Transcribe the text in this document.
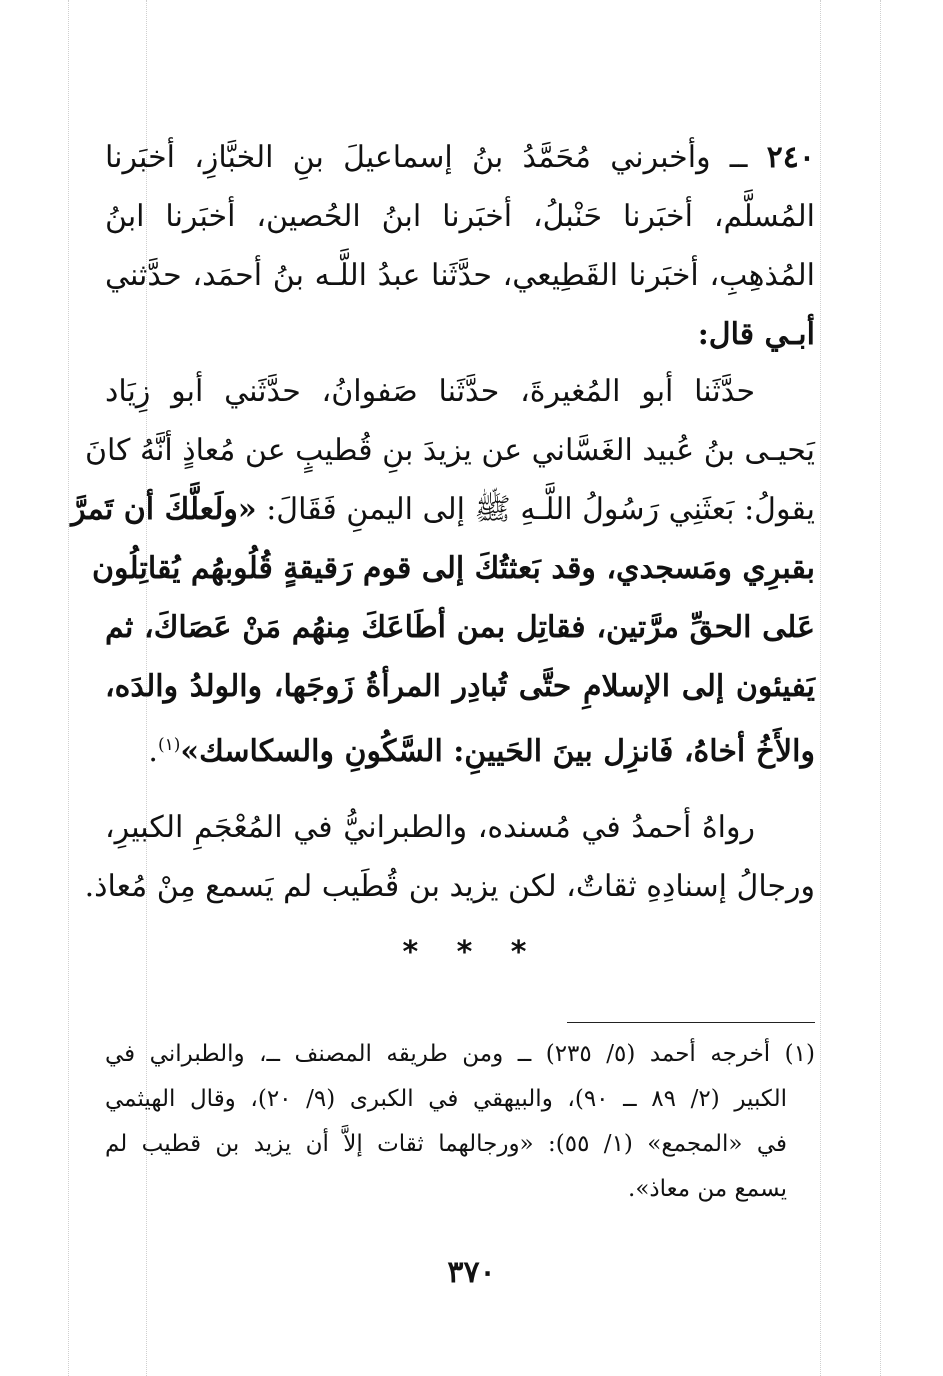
٢٤٠ ــ وأخبرني مُحَمَّدُ بنُ إسماعيلَ بنِ الخبَّازِ، أخبَرنا
المُسلَّم، أخبَرنا حَنْبلُ، أخبَرنا ابنُ الحُصين، أخبَرنا ابنُ
المُذهِبِ، أخبَرنا القَطِيعي، حدَّثَنا عبدُ اللَّـه بنُ أحمَد، حدَّثني
أبـي قال:
حدَّثَنا أبو المُغيرةَ، حدَّثَنا صَفوانُ، حدَّثَني أبو زِيَاد
يَحيـى بنُ عُبيد الغَسَّاني عن يزيدَ بنِ قُطيبٍ عن مُعاذٍ أنَّهُ كانَ
يقولُ: بَعثَنِي رَسُولُ اللَّـهِ ﷺ إلى اليمنِ فَقَالَ: «ولَعلَّكَ أن تَمرَّ
بقبرِي ومَسجدي، وقد بَعثتُكَ إلى قوم رَقيقةٍ قُلُوبهُم يُقاتِلُون
عَلى الحقِّ مرَّتين، فقاتِل بمن أطَاعَكَ مِنهُم مَنْ عَصَاكَ، ثم
يَفيئون إلى الإسلامِ حتَّى تُبادِر المرأةُ زَوجَها، والولدُ والدَه،
والأَخُ أخاهُ، فَانزِل بينَ الحَيينِ: السَّكُونِ والسكاسك»$^{(١)}$.
رواهُ أحمدُ في مُسنده، والطبرانيُّ في المُعْجَمِ الكبيرِ،
ورجالُ إسنادِهِ ثقاتٌ، لكن يزيد بن قُطَيب لم يَسمع مِنْ مُعاذ.
* * *
(١) أخرجه أحمد (٥/ ٢٣٥) ــ ومن طريقه المصنف ــ، والطبراني في
الكبير (٢/ ٨٩ ــ ٩٠)، والبيهقي في الكبرى (٩/ ٢٠)، وقال الهيثمي
في «المجمع» (١/ ٥٥): «ورجالهما ثقات إلاَّ أن يزيد بن قطيب لم
يسمع من معاذ».
٣٧٠
